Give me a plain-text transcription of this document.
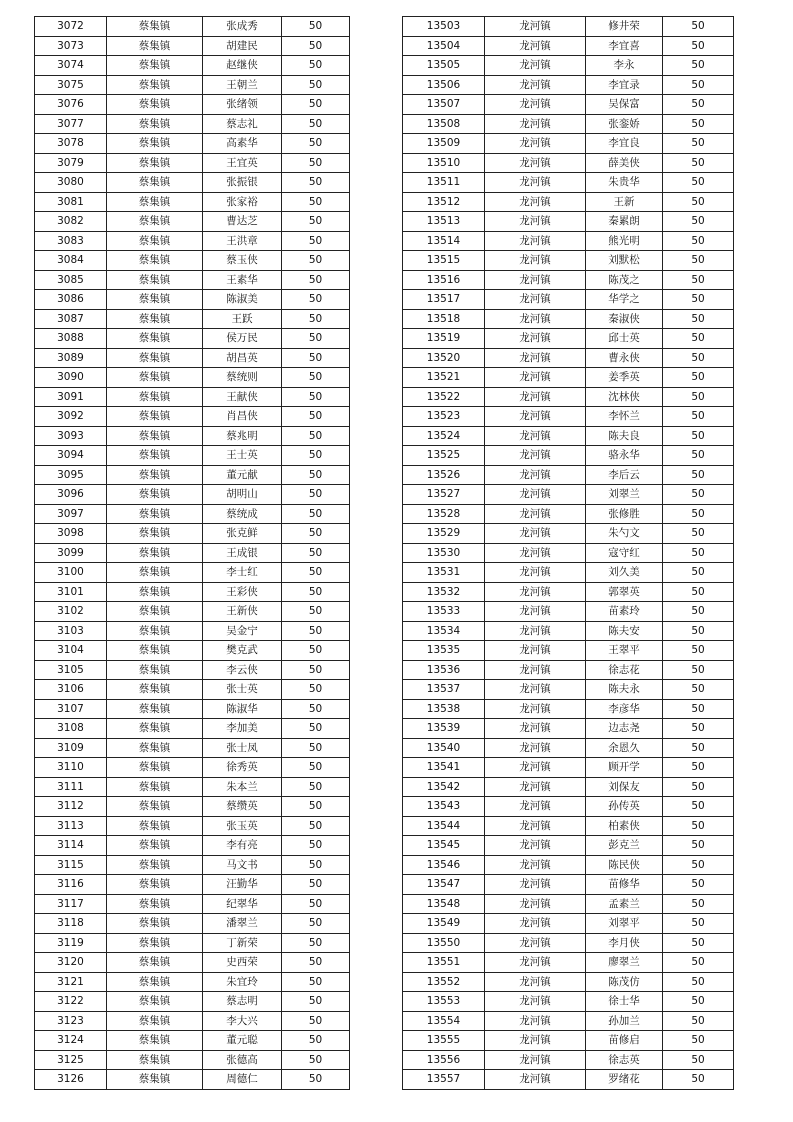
3072	蔡集镇	张成秀	50
3073	蔡集镇	胡建民	50
3074	蔡集镇	赵继侠	50
3075	蔡集镇	王朝兰	50
3076	蔡集镇	张绪领	50
3077	蔡集镇	蔡志礼	50
3078	蔡集镇	高素华	50
3079	蔡集镇	王宜英	50
3080	蔡集镇	张振银	50
3081	蔡集镇	张家裕	50
3082	蔡集镇	曹达芝	50
3083	蔡集镇	王洪章	50
3084	蔡集镇	蔡玉侠	50
3085	蔡集镇	王素华	50
3086	蔡集镇	陈淑美	50
3087	蔡集镇	王跃	50
3088	蔡集镇	侯万民	50
3089	蔡集镇	胡昌英	50
3090	蔡集镇	蔡统则	50
3091	蔡集镇	王献侠	50
3092	蔡集镇	肖昌侠	50
3093	蔡集镇	蔡兆明	50
3094	蔡集镇	王士英	50
3095	蔡集镇	董元献	50
3096	蔡集镇	胡明山	50
3097	蔡集镇	蔡统成	50
3098	蔡集镇	张克鲜	50
3099	蔡集镇	王成银	50
3100	蔡集镇	李士红	50
3101	蔡集镇	王彩侠	50
3102	蔡集镇	王新侠	50
3103	蔡集镇	吴金宁	50
3104	蔡集镇	樊克武	50
3105	蔡集镇	李云侠	50
3106	蔡集镇	张士英	50
3107	蔡集镇	陈淑华	50
3108	蔡集镇	李加美	50
3109	蔡集镇	张士凤	50
3110	蔡集镇	徐秀英	50
3111	蔡集镇	朱本兰	50
3112	蔡集镇	蔡缵英	50
3113	蔡集镇	张玉英	50
3114	蔡集镇	李有亮	50
3115	蔡集镇	马文书	50
3116	蔡集镇	汪勤华	50
3117	蔡集镇	纪翠华	50
3118	蔡集镇	潘翠兰	50
3119	蔡集镇	丁新荣	50
3120	蔡集镇	史西荣	50
3121	蔡集镇	朱宜玲	50
3122	蔡集镇	蔡志明	50
3123	蔡集镇	李大兴	50
3124	蔡集镇	董元聪	50
3125	蔡集镇	张德高	50
3126	蔡集镇	周德仁	50
13503	龙河镇	修井荣	50
13504	龙河镇	李宜喜	50
13505	龙河镇	李永	50
13506	龙河镇	李宜录	50
13507	龙河镇	吴保富	50
13508	龙河镇	张銮娇	50
13509	龙河镇	李宜良	50
13510	龙河镇	薛美侠	50
13511	龙河镇	朱贵华	50
13512	龙河镇	王新	50
13513	龙河镇	秦累朗	50
13514	龙河镇	熊光明	50
13515	龙河镇	刘默松	50
13516	龙河镇	陈茂之	50
13517	龙河镇	华学之	50
13518	龙河镇	秦淑侠	50
13519	龙河镇	邱士英	50
13520	龙河镇	曹永侠	50
13521	龙河镇	姜季英	50
13522	龙河镇	沈林侠	50
13523	龙河镇	李怀兰	50
13524	龙河镇	陈夫良	50
13525	龙河镇	骆永华	50
13526	龙河镇	李后云	50
13527	龙河镇	刘翠兰	50
13528	龙河镇	张修胜	50
13529	龙河镇	朱勺文	50
13530	龙河镇	寇守红	50
13531	龙河镇	刘久美	50
13532	龙河镇	郭翠英	50
13533	龙河镇	苗素玲	50
13534	龙河镇	陈夫安	50
13535	龙河镇	王翠平	50
13536	龙河镇	徐志花	50
13537	龙河镇	陈夫永	50
13538	龙河镇	李彦华	50
13539	龙河镇	边志尧	50
13540	龙河镇	余恩久	50
13541	龙河镇	顾开学	50
13542	龙河镇	刘保友	50
13543	龙河镇	孙传英	50
13544	龙河镇	柏素侠	50
13545	龙河镇	彭克兰	50
13546	龙河镇	陈民侠	50
13547	龙河镇	苗修华	50
13548	龙河镇	孟素兰	50
13549	龙河镇	刘翠平	50
13550	龙河镇	李月侠	50
13551	龙河镇	廖翠兰	50
13552	龙河镇	陈茂仿	50
13553	龙河镇	徐士华	50
13554	龙河镇	孙加兰	50
13555	龙河镇	苗修启	50
13556	龙河镇	徐志英	50
13557	龙河镇	罗绪花	50
